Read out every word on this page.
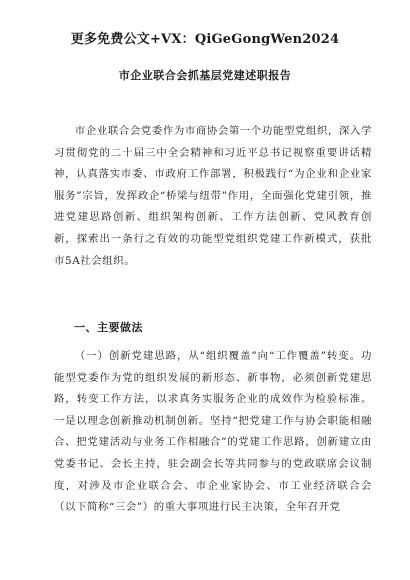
更多免费公文+VX：QiGeGongWen2024
市企业联合会抓基层党建述职报告

市企业联合会党委作为市商协会第一个功能型党组织，深入学习贯彻党的二十届三中全会精神和习近平总书记视察重要讲话精神，认真落实市委、市政府工作部署，积极践行“为企业和企业家服务”宗旨，发挥政企“桥梁与纽带”作用，全面强化党建引领，推进党建思路创新、组织架构创新、工作方法创新、党风教育创新，探索出一条行之有效的功能型党组织党建工作新模式，获批市5A社会组织。

一、主要做法

（一）创新党建思路，从“组织覆盖”向“工作覆盖”转变。功能型党委作为党的组织发展的新形态、新事物，必须创新党建思路，转变工作方法，以求真务实服务企业的成效作为检验标准。一是以理念创新推动机制创新。坚持“把党建工作与协会职能相融合、把党建活动与业务工作相融合”的党建工作思路，创新建立由党委书记、会长主持，驻会副会长等共同参与的党政联席会议制度，对涉及市企业联合会、市企业家协会、市工业经济联合会（以下简称“三会”）的重大事项进行民主决策，全年召开党
